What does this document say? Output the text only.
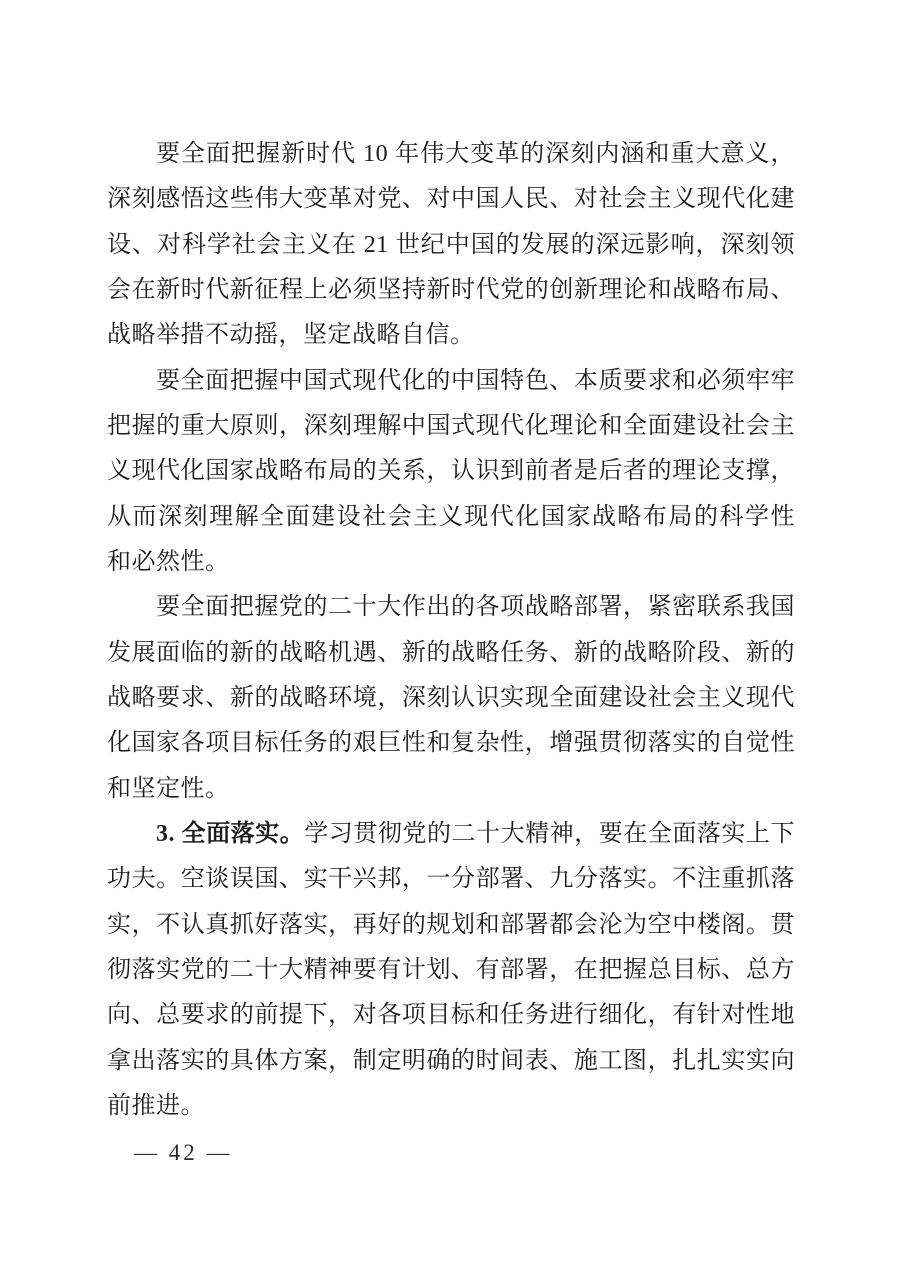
要全面把握新时代 10 年伟大变革的深刻内涵和重大意义，
深刻感悟这些伟大变革对党、对中国人民、对社会主义现代化建
设、对科学社会主义在 21 世纪中国的发展的深远影响，深刻领
会在新时代新征程上必须坚持新时代党的创新理论和战略布局、
战略举措不动摇，坚定战略自信。
要全面把握中国式现代化的中国特色、本质要求和必须牢牢
把握的重大原则，深刻理解中国式现代化理论和全面建设社会主
义现代化国家战略布局的关系，认识到前者是后者的理论支撑，
从而深刻理解全面建设社会主义现代化国家战略布局的科学性
和必然性。
要全面把握党的二十大作出的各项战略部署，紧密联系我国
发展面临的新的战略机遇、新的战略任务、新的战略阶段、新的
战略要求、新的战略环境，深刻认识实现全面建设社会主义现代
化国家各项目标任务的艰巨性和复杂性，增强贯彻落实的自觉性
和坚定性。
3. 全面落实。学习贯彻党的二十大精神，要在全面落实上下
功夫。空谈误国、实干兴邦，一分部署、九分落实。不注重抓落
实，不认真抓好落实，再好的规划和部署都会沦为空中楼阁。贯
彻落实党的二十大精神要有计划、有部署，在把握总目标、总方
向、总要求的前提下，对各项目标和任务进行细化，有针对性地
拿出落实的具体方案，制定明确的时间表、施工图，扎扎实实向
前推进。
— 42 —
